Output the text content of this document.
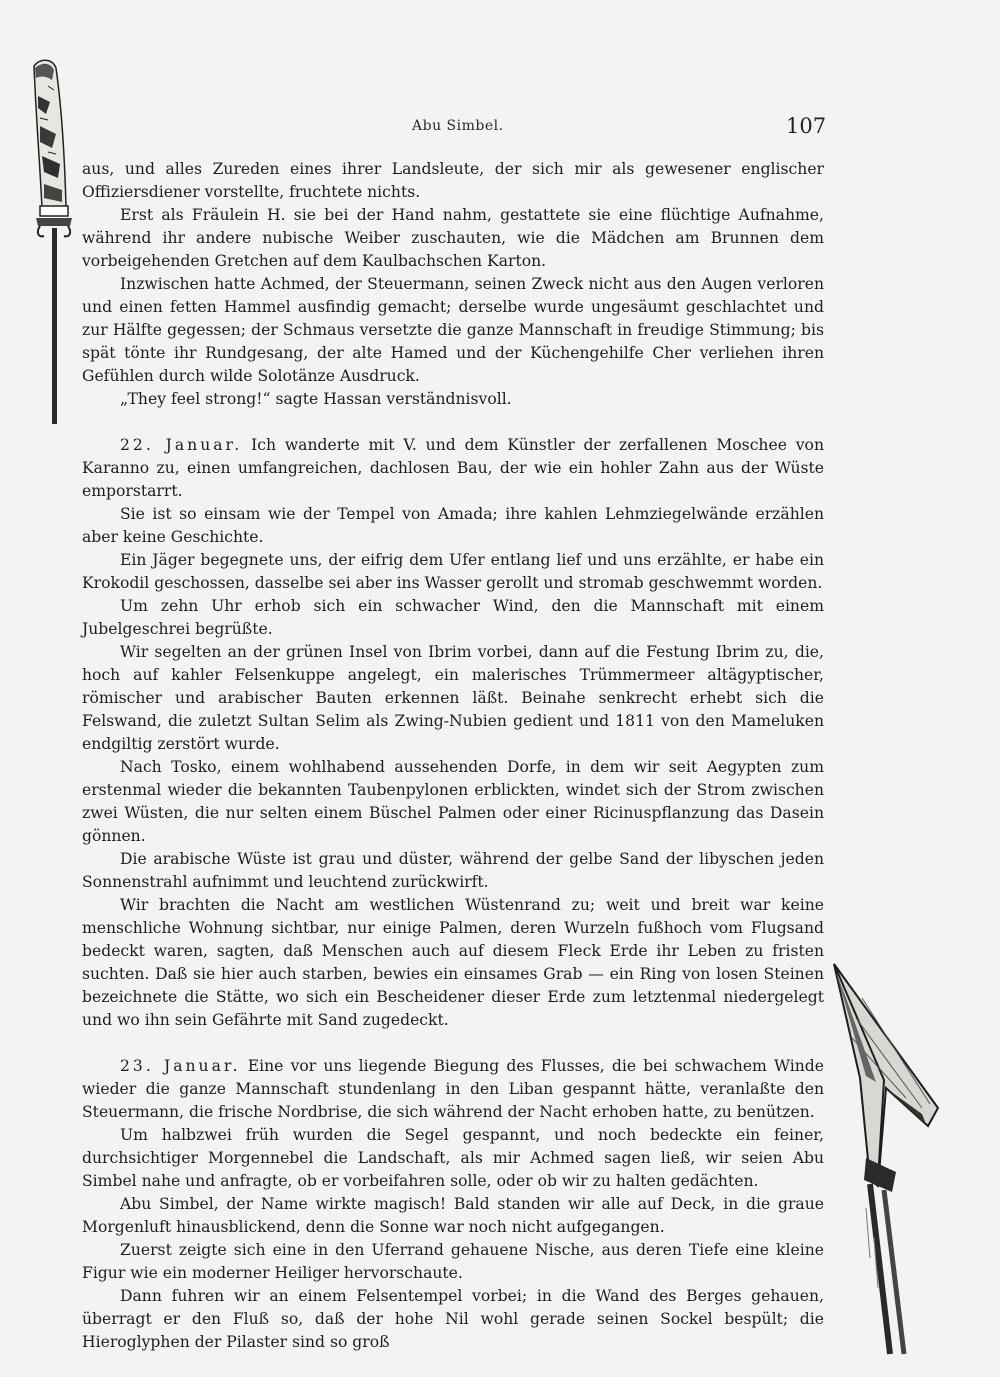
Abu Simbel.	107

aus, und alles Zureden eines ihrer Landsleute, der sich mir als gewesener englischer Offiziersdiener vorstellte, fruchtete nichts.

Erst als Fräulein H. sie bei der Hand nahm, gestattete sie eine flüchtige Aufnahme, während ihr andere nubische Weiber zuschauten, wie die Mädchen am Brunnen dem vorbeigehenden Gretchen auf dem Kaulbachschen Karton.

Inzwischen hatte Achmed, der Steuermann, seinen Zweck nicht aus den Augen verloren und einen fetten Hammel ausfindig gemacht; derselbe wurde ungesäumt geschlachtet und zur Hälfte gegessen; der Schmaus versetzte die ganze Mannschaft in freudige Stimmung; bis spät tönte ihr Rundgesang, der alte Hamed und der Küchengehilfe Cher verliehen ihren Gefühlen durch wilde Solotänze Ausdruck.

„They feel strong!“ sagte Hassan verständnisvoll.

22. Januar. Ich wanderte mit V. und dem Künstler der zerfallenen Moschee von Karanno zu, einen umfangreichen, dachlosen Bau, der wie ein hohler Zahn aus der Wüste emporstarrt.

Sie ist so einsam wie der Tempel von Amada; ihre kahlen Lehmziegelwände erzählen aber keine Geschichte.

Ein Jäger begegnete uns, der eifrig dem Ufer entlang lief und uns erzählte, er habe ein Krokodil geschossen, dasselbe sei aber ins Wasser gerollt und stromab geschwemmt worden.

Um zehn Uhr erhob sich ein schwacher Wind, den die Mannschaft mit einem Jubelgeschrei begrüßte.

Wir segelten an der grünen Insel von Ibrim vorbei, dann auf die Festung Ibrim zu, die, hoch auf kahler Felsenkuppe angelegt, ein malerisches Trümmermeer altägyptischer, römischer und arabischer Bauten erkennen läßt. Beinahe senkrecht erhebt sich die Felswand, die zuletzt Sultan Selim als Zwing-Nubien gedient und 1811 von den Mameluken endgiltig zerstört wurde.

Nach Tosko, einem wohlhabend aussehenden Dorfe, in dem wir seit Aegypten zum erstenmal wieder die bekannten Taubenpylonen erblickten, windet sich der Strom zwischen zwei Wüsten, die nur selten einem Büschel Palmen oder einer Ricinuspflanzung das Dasein gönnen.

Die arabische Wüste ist grau und düster, während der gelbe Sand der libyschen jeden Sonnenstrahl aufnimmt und leuchtend zurückwirft.

Wir brachten die Nacht am westlichen Wüstenrand zu; weit und breit war keine menschliche Wohnung sichtbar, nur einige Palmen, deren Wurzeln fußhoch vom Flugsand bedeckt waren, sagten, daß Menschen auch auf diesem Fleck Erde ihr Leben zu fristen suchten. Daß sie hier auch starben, bewies ein einsames Grab — ein Ring von losen Steinen bezeichnete die Stätte, wo sich ein Bescheidener dieser Erde zum letztenmal niedergelegt und wo ihn sein Gefährte mit Sand zugedeckt.

23. Januar. Eine vor uns liegende Biegung des Flusses, die bei schwachem Winde wieder die ganze Mannschaft stundenlang in den Liban gespannt hätte, veranlaßte den Steuermann, die frische Nordbrise, die sich während der Nacht erhoben hatte, zu benützen.

Um halbzwei früh wurden die Segel gespannt, und noch bedeckte ein feiner, durchsichtiger Morgennebel die Landschaft, als mir Achmed sagen ließ, wir seien Abu Simbel nahe und anfragte, ob er vorbeifahren solle, oder ob wir zu halten gedächten.

Abu Simbel, der Name wirkte magisch! Bald standen wir alle auf Deck, in die graue Morgenluft hinausblickend, denn die Sonne war noch nicht aufgegangen.

Zuerst zeigte sich eine in den Uferrand gehauene Nische, aus deren Tiefe eine kleine Figur wie ein moderner Heiliger hervorschaute.

Dann fuhren wir an einem Felsentempel vorbei; in die Wand des Berges gehauen, überragt er den Fluß so, daß der hohe Nil wohl gerade seinen Sockel bespült; die Hieroglyphen der Pilaster sind so groß
